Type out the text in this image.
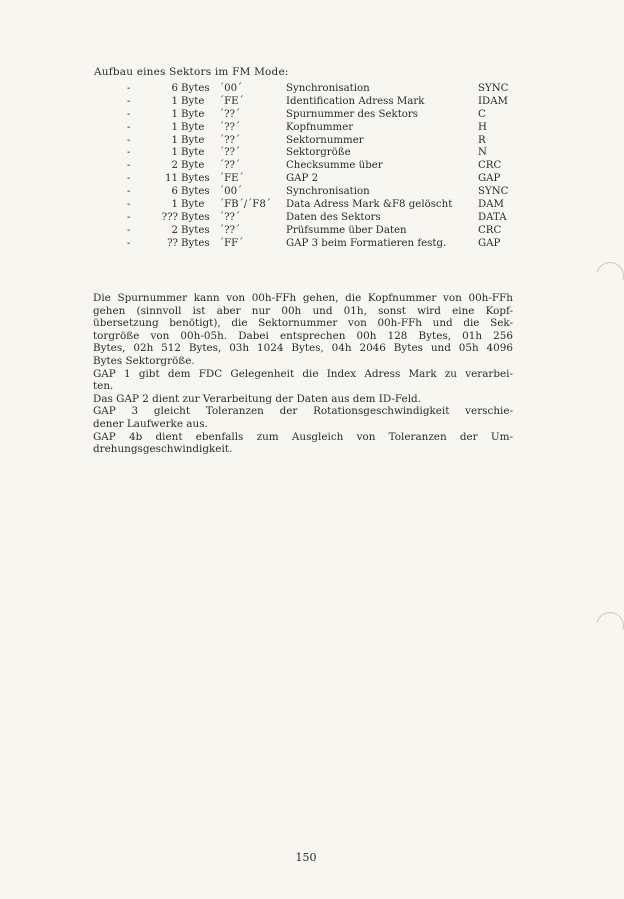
Aufbau eines Sektors im FM Mode:
-	6 Bytes ´00´	Synchronisation	SYNC
-	1 Byte ´FE´	Identification Adress Mark	IDAM
-	1 Byte ´??´	Spurnummer des Sektors	C
-	1 Byte ´??´	Kopfnummer	H
-	1 Byte ´??´	Sektornummer	R
-	1 Byte ´??´	Sektorgröße	N
-	2 Byte ´??´	Checksumme über	CRC
-	11 Bytes ´FE´	GAP 2	GAP
-	6 Bytes ´00´	Synchronisation	SYNC
-	1 Byte ´FB´/´F8´ Data Adress Mark &F8 gelöscht	DAM
-	??? Bytes ´??´	Daten des Sektors	DATA
-	2 Bytes ´??´	Prüfsumme über Daten	CRC
-	?? Bytes ´FF´	GAP 3 beim Formatieren festg.	GAP
Die Spurnummer kann von 00h-FFh gehen, die Kopfnummer von 00h-FFh
gehen (sinnvoll ist aber nur 00h und 01h, sonst wird eine Kopf-
übersetzung benötigt), die Sektornummer von 00h-FFh und die Sek-
torgröße von 00h-05h. Dabei entsprechen 00h 128 Bytes, 01h 256
Bytes, 02h 512 Bytes, 03h 1024 Bytes, 04h 2046 Bytes und 05h 4096
Bytes Sektorgröße.
GAP 1 gibt dem FDC Gelegenheit die Index Adress Mark zu verarbei-
ten.
Das GAP 2 dient zur Verarbeitung der Daten aus dem ID-Feld.
GAP 3 gleicht Toleranzen der Rotationsgeschwindigkeit verschie-
dener Laufwerke aus.
GAP 4b dient ebenfalls zum Ausgleich von Toleranzen der Um-
drehungsgeschwindigkeit.
150
